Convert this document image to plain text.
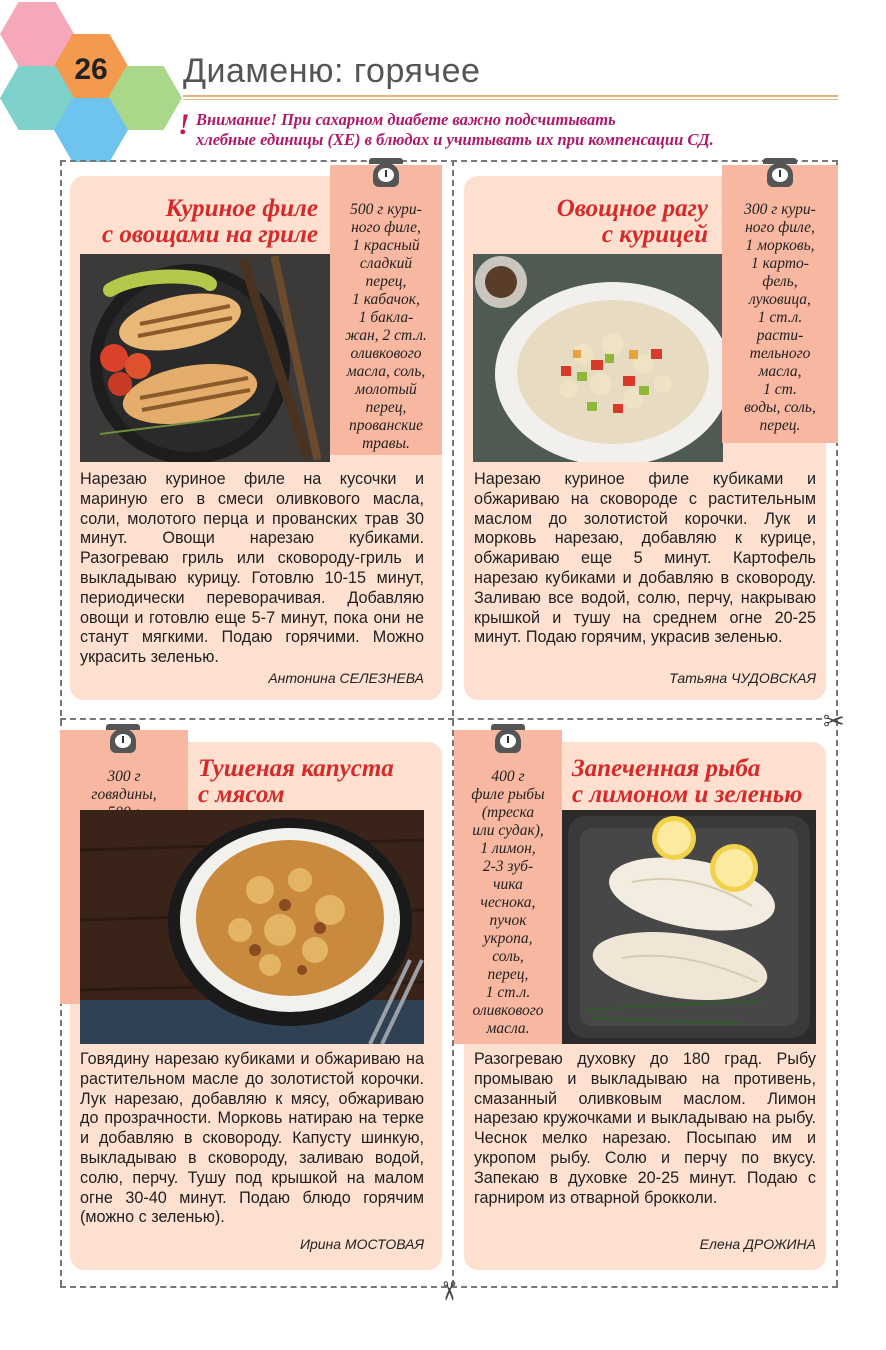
26	Диаменю: горячее
! Внимание! При сахарном диабете важно подсчитывать
хлебные единицы (ХЕ) в блюдах и учитывать их при компенсации СД.
✂
✂
Куриное филе
с овощами на гриле
500 г кури-
ного филе,
1 красный
сладкий
перец,
1 кабачок,
1 бакла-
жан, 2 ст.л.
оливкового
масла, соль,
молотый
перец,
прованские
травы.
Нарезаю куриное филе на кусочки и мариную его в смеси оливкового масла, соли, молотого перца и прованских трав 30 минут. Овощи нарезаю кубиками. Разогреваю гриль или сковороду-гриль и выкладываю курицу. Готовлю 10-15 минут, периодически переворачивая. Добавляю овощи и готовлю еще 5-7 минут, пока они не станут мягкими. Подаю горячими. Можно украсить зеленью.
Антонина СЕЛЕЗНЕВА
Овощное рагу
с курицей
300 г кури-
ного филе,
1 морковь,
1 карто-
фель,
луковица,
1 ст.л.
расти-
тельного
масла,
1 ст.
воды, соль,
перец.
Нарезаю куриное филе кубиками и обжариваю на сковороде с растительным маслом до золотистой корочки. Лук и морковь нарезаю, добавляю к курице, обжариваю еще 5 минут. Картофель нарезаю кубиками и добавляю в сковороду. Заливаю все водой, солю, перчу, накрываю крышкой и тушу на среднем огне 20-25 минут. Подаю горячим, украсив зеленью.
Татьяна ЧУДОВСКАЯ
300 г
говядины,
Тушеная капуста
с мясом
Говядину нарезаю кубиками и обжариваю на растительном масле до золотистой корочки. Лук нарезаю, добавляю к мясу, обжариваю до прозрачности. Морковь натираю на терке и добавляю в сковороду. Капусту шинкую, выкладываю в сковороду, заливаю водой, солю, перчу. Тушу под крышкой на малом огне 30-40 минут. Подаю блюдо горячим (можно с зеленью).
Ирина МОСТОВАЯ
400 г
филе рыбы
(треска
или судак),
1 лимон,
2-3 зуб-
чика
чеснока,
пучок
укропа,
соль,
перец,
1 ст.л.
оливкового
масла.
Запеченная рыба
с лимоном и зеленью
Разогреваю духовку до 180 град. Рыбу промываю и выкладываю на противень, смазанный оливковым маслом. Лимон нарезаю кружочками и выкладываю на рыбу. Чеснок мелко нарезаю. Посыпаю им и укропом рыбу. Солю и перчу по вкусу. Запекаю в духовке 20-25 минут. Подаю с гарниром из отварной брокколи.
Елена ДРОЖИНА
